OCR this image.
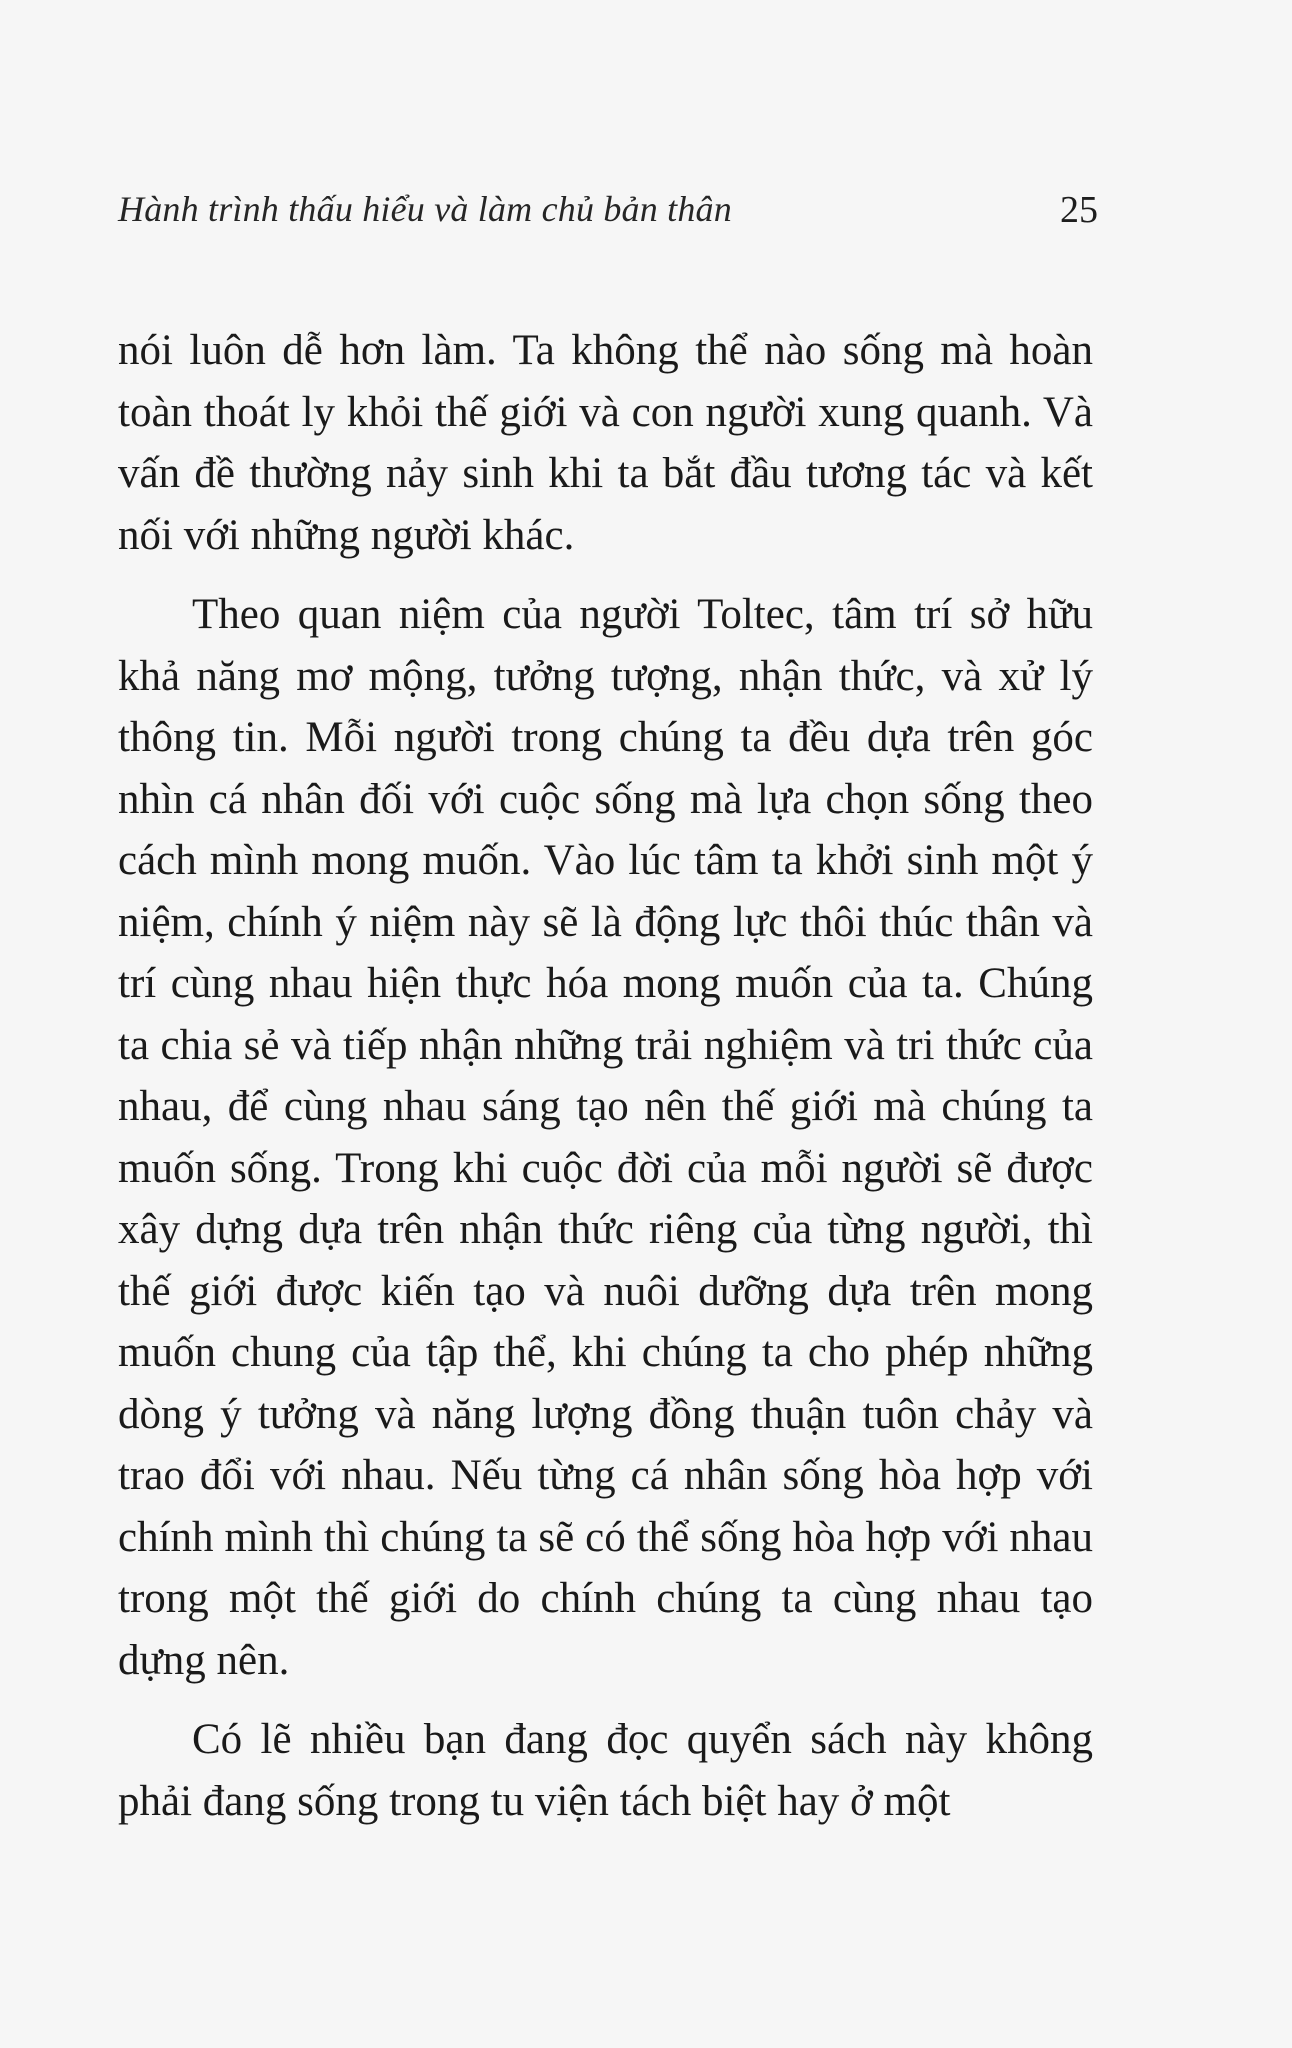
Hành trình thấu hiểu và làm chủ bản thân	25

nói luôn dễ hơn làm. Ta không thể nào sống mà hoàn toàn thoát ly khỏi thế giới và con người xung quanh. Và vấn đề thường nảy sinh khi ta bắt đầu tương tác và kết nối với những người khác.

Theo quan niệm của người Toltec, tâm trí sở hữu khả năng mơ mộng, tưởng tượng, nhận thức, và xử lý thông tin. Mỗi người trong chúng ta đều dựa trên góc nhìn cá nhân đối với cuộc sống mà lựa chọn sống theo cách mình mong muốn. Vào lúc tâm ta khởi sinh một ý niệm, chính ý niệm này sẽ là động lực thôi thúc thân và trí cùng nhau hiện thực hóa mong muốn của ta. Chúng ta chia sẻ và tiếp nhận những trải nghiệm và tri thức của nhau, để cùng nhau sáng tạo nên thế giới mà chúng ta muốn sống. Trong khi cuộc đời của mỗi người sẽ được xây dựng dựa trên nhận thức riêng của từng người, thì thế giới được kiến tạo và nuôi dưỡng dựa trên mong muốn chung của tập thể, khi chúng ta cho phép những dòng ý tưởng và năng lượng đồng thuận tuôn chảy và trao đổi với nhau. Nếu từng cá nhân sống hòa hợp với chính mình thì chúng ta sẽ có thể sống hòa hợp với nhau trong một thế giới do chính chúng ta cùng nhau tạo dựng nên.

Có lẽ nhiều bạn đang đọc quyển sách này không phải đang sống trong tu viện tách biệt hay ở một
